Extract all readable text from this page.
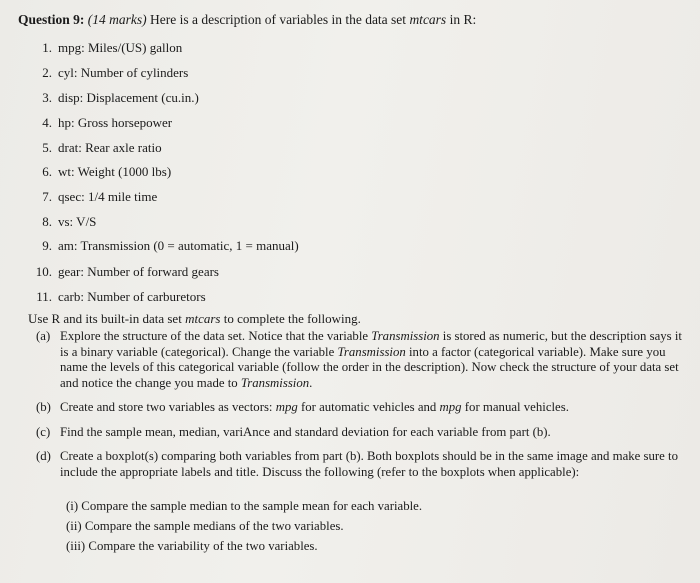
Question 9: (14 marks) Here is a description of variables in the data set mtcars in R:
1. mpg: Miles/(US) gallon
2. cyl: Number of cylinders
3. disp: Displacement (cu.in.)
4. hp: Gross horsepower
5. drat: Rear axle ratio
6. wt: Weight (1000 lbs)
7. qsec: 1/4 mile time
8. vs: V/S
9. am: Transmission (0 = automatic, 1 = manual)
10. gear: Number of forward gears
11. carb: Number of carburetors
Use R and its built-in data set mtcars to complete the following.
(a) Explore the structure of the data set. Notice that the variable Transmission is stored as numeric, but the description says it is a binary variable (categorical). Change the variable Transmission into a factor (categorical variable). Make sure you name the levels of this categorical variable (follow the order in the description). Now check the structure of your data set and notice the change you made to Transmission.
(b) Create and store two variables as vectors: mpg for automatic vehicles and mpg for manual vehicles.
(c) Find the sample mean, median, variAnce and standard deviation for each variable from part (b).
(d) Create a boxplot(s) comparing both variables from part (b). Both boxplots should be in the same image and make sure to include the appropriate labels and title. Discuss the following (refer to the boxplots when applicable):
(i) Compare the sample median to the sample mean for each variable.
(ii) Compare the sample medians of the two variables.
(iii) Compare the variability of the two variables.
